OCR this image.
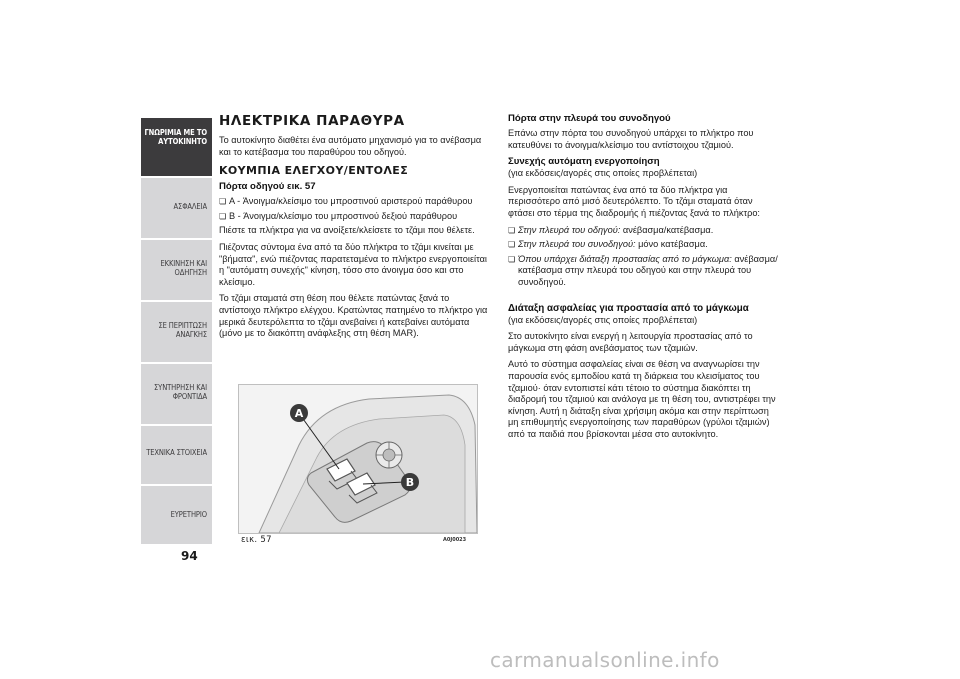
ΓΝΩΡΙΜΙΑ ΜΕ ΤΟ
ΑΥΤΟΚΙΝΗΤΟ
ΑΣΦΑΛΕΙΑ
ΕΚΚΙΝΗΣΗ ΚΑΙ
ΟΔΗΓΗΣΗ
ΣΕ ΠΕΡΙΠΤΩΣΗ
ΑΝΑΓΚΗΣ
ΣΥΝΤΗΡΗΣΗ ΚΑΙ
ΦΡΟΝΤΙΔΑ
ΤΕΧΝΙΚΑ ΣΤΟΙΧΕΙΑ
ΕΥΡΕΤΗΡΙΟ
94
ΗΛΕΚΤΡΙΚΑ ΠΑΡΑΘΥΡΑ

Το αυτοκίνητο διαθέτει ένα αυτόματο μηχανισμό για το ανέβασμα και το κατέβασμα του παραθύρου του οδηγού.

ΚΟΥΜΠΙΑ ΕΛΕΓΧΟΥ/ΕΝΤΟΛΕΣ

Πόρτα οδηγού εικ. 57

❏ A - Άνοιγμα/κλείσιμο του μπροστινού αριστερού παράθυρου

❏ B - Άνοιγμα/κλείσιμο του μπροστινού δεξιού παράθυρου

Πιέστε τα πλήκτρα για να ανοίξετε/κλείσετε το τζάμι που θέλετε.

Πιέζοντας σύντομα ένα από τα δύο πλήκτρα το τζάμι κινείται με "βήματα", ενώ πιέζοντας παρατεταμένα το πλήκτρο ενεργοποιείται η "αυτόματη συνεχής" κίνηση, τόσο στο άνοιγμα όσο και στο κλείσιμο.

Το τζάμι σταματά στη θέση που θέλετε πατώντας ξανά το αντίστοιχο πλήκτρο ελέγχου. Κρατώντας πατημένο το πλήκτρο για μερικά δευτερόλεπτα το τζάμι ανεβαίνει ή κατεβαίνει αυτόματα (μόνο με το διακόπτη ανάφλεξης στη θέση MAR).

A
B
εικ. 57	A0J0023

Πόρτα στην πλευρά του συνοδηγού

Επάνω στην πόρτα του συνοδηγού υπάρχει το πλήκτρο που κατευθύνει το άνοιγμα/κλείσιμο του αντίστοιχου τζαμιού.

Συνεχής αυτόματη ενεργοποίηση

(για εκδόσεις/αγορές στις οποίες προβλέπεται)

Ενεργοποιείται πατώντας ένα από τα δύο πλήκτρα για περισσότερο από μισό δευτερόλεπτο. Το τζάμι σταματά όταν φτάσει στο τέρμα της διαδρομής ή πιέζοντας ξανά το πλήκτρο:

❏ Στην πλευρά του οδηγού: ανέβασμα/κατέβασμα.

❏ Στην πλευρά του συνοδηγού: μόνο κατέβασμα.

❏ Όπου υπάρχει διάταξη προστασίας από το μάγκωμα: ανέβασμα/ κατέβασμα στην πλευρά του οδηγού και στην πλευρά του συνοδηγού.

Διάταξη ασφαλείας για προστασία από το μάγκωμα

(για εκδόσεις/αγορές στις οποίες προβλέπεται)

Στο αυτοκίνητο είναι ενεργή η λειτουργία προστασίας από το μάγκωμα στη φάση ανεβάσματος των τζαμιών.

Αυτό το σύστημα ασφαλείας είναι σε θέση να αναγνωρίσει την παρουσία ενός εμποδίου κατά τη διάρκεια του κλεισίματος του τζαμιού· όταν εντοπιστεί κάτι τέτοιο το σύστημα διακόπτει τη διαδρομή του τζαμιού και ανάλογα με τη θέση του, αντιστρέφει την κίνηση. Αυτή η διάταξη είναι χρήσιμη ακόμα και στην περίπτωση μη επιθυμητής ενεργοποίησης των παραθύρων (γρύλοι τζαμιών) από τα παιδιά που βρίσκονται μέσα στο αυτοκίνητο.

carmanualsonline.info
